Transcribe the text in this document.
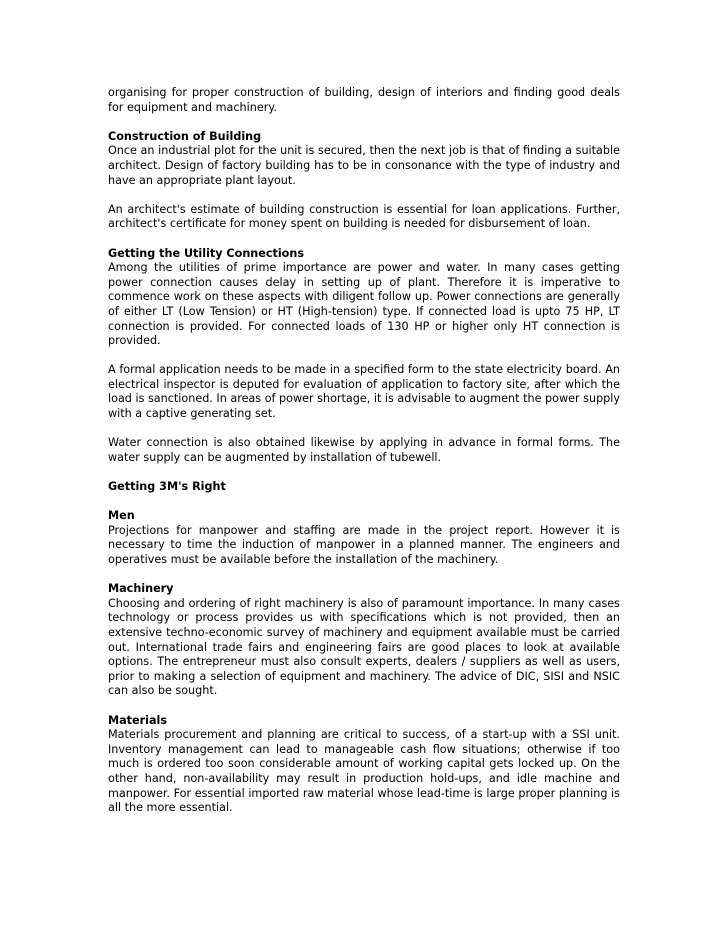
organising for proper construction of building, design of interiors and finding good deals for equipment and machinery.

Construction of Building

Once an industrial plot for the unit is secured, then the next job is that of finding a suitable architect. Design of factory building has to be in consonance with the type of industry and have an appropriate plant layout.

An architect's estimate of building construction is essential for loan applications. Further, architect's certificate for money spent on building is needed for disbursement of loan.

Getting the Utility Connections

Among the utilities of prime importance are power and water. In many cases getting power connection causes delay in setting up of plant. Therefore it is imperative to commence work on these aspects with diligent follow up. Power connections are generally of either LT (Low Tension) or HT (High-tension) type. If connected load is upto 75 HP, LT connection is provided. For connected loads of 130 HP or higher only HT connection is provided.

A formal application needs to be made in a specified form to the state electricity board. An electrical inspector is deputed for evaluation of application to factory site, after which the load is sanctioned. In areas of power shortage, it is advisable to augment the power supply with a captive generating set.

Water connection is also obtained likewise by applying in advance in formal forms. The water supply can be augmented by installation of tubewell.

Getting 3M's Right
Men

Projections for manpower and staffing are made in the project report. However it is necessary to time the induction of manpower in a planned manner. The engineers and operatives must be available before the installation of the machinery.

Machinery

Choosing and ordering of right machinery is also of paramount importance. In many cases technology or process provides us with specifications which is not provided, then an extensive techno-economic survey of machinery and equipment available must be carried out. International trade fairs and engineering fairs are good places to look at available options. The entrepreneur must also consult experts, dealers / suppliers as well as users, prior to making a selection of equipment and machinery. The advice of DIC, SISI and NSIC can also be sought.

Materials

Materials procurement and planning are critical to success, of a start-up with a SSI unit. Inventory management can lead to manageable cash flow situations; otherwise if too much is ordered too soon considerable amount of working capital gets locked up. On the other hand, non-availability may result in production hold-ups, and idle machine and manpower. For essential imported raw material whose lead-time is large proper planning is all the more essential.
